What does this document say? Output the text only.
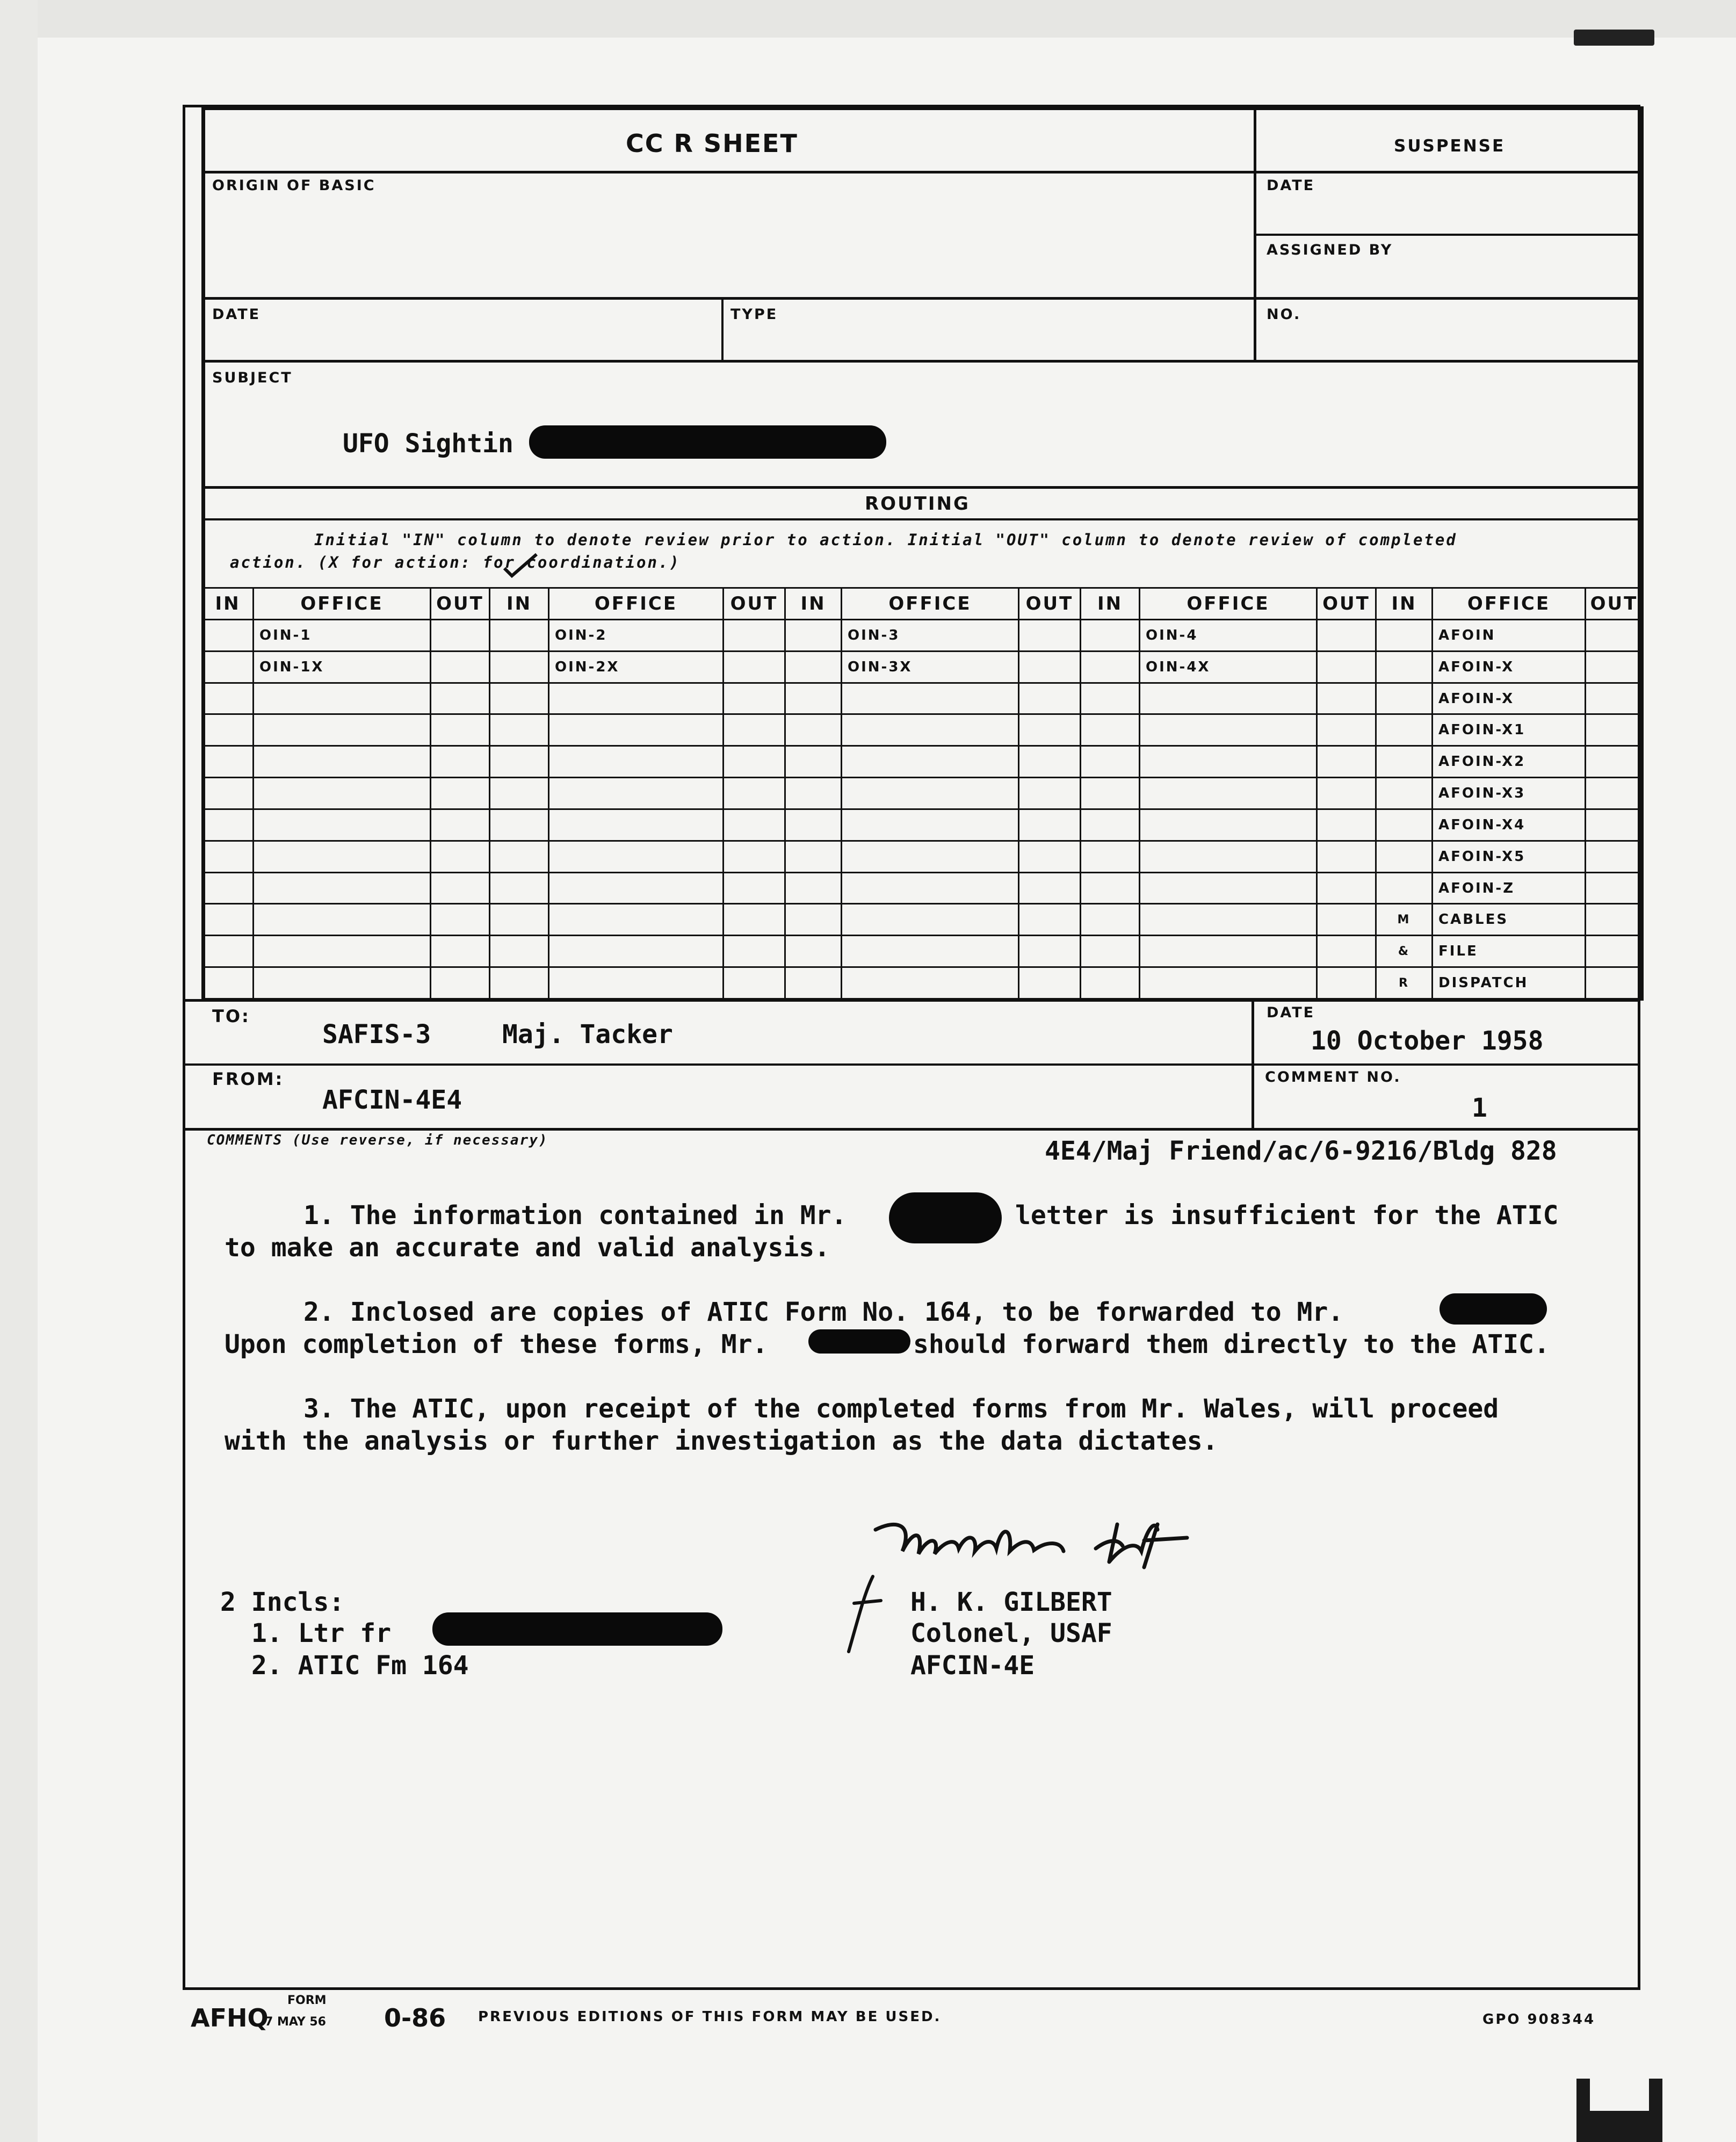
CC R SHEET	SUSPENSE
ORIGIN OF BASIC	DATE
ASSIGNED BY
DATE	TYPE	NO.
SUBJECT
UFO Sightin
ROUTING
Initial "IN" column to denote review prior to action. Initial "OUT" column to denote review of completed
action. (X for action: for coordination.)
IN	OFFICE	OUT	IN	OFFICE	OUT	IN	OFFICE	OUT	IN	OFFICE	OUT	IN	OFFICE	OUT
	OIN-1			OIN-2			OIN-3			OIN-4			AFOIN	
	OIN-1X			OIN-2X			OIN-3X			OIN-4X			AFOIN-X	
													AFOIN-X	
													AFOIN-X1	
													AFOIN-X2	
													AFOIN-X3	
													AFOIN-X4	
													AFOIN-X5	
													AFOIN-Z	
												M	CABLES	
												&	FILE	
												R	DISPATCH	
TO:
SAFIS-3	Maj. Tacker
DATE
10 October 1958
FROM:
AFCIN-4E4
COMMENT NO.
1
COMMENTS (Use reverse, if necessary)	4E4/Maj Friend/ac/6-9216/Bldg 828
1. The information contained in Mr.	letter is insufficient for the ATIC
to make an accurate and valid analysis.
2. Inclosed are copies of ATIC Form No. 164, to be forwarded to Mr.
Upon completion of these forms, Mr.	should forward them directly to the ATIC.
3. The ATIC, upon receipt of the completed forms from Mr. Wales, will proceed
with the analysis or further investigation as the data dictates.
2 Incls:
1. Ltr fr
2. ATIC Fm 164
H. K. GILBERT
Colonel, USAF
AFCIN-4E
AFHQ
FORM
7 MAY 56 0-86 PREVIOUS EDITIONS OF THIS FORM MAY BE USED.	GPO 908344
